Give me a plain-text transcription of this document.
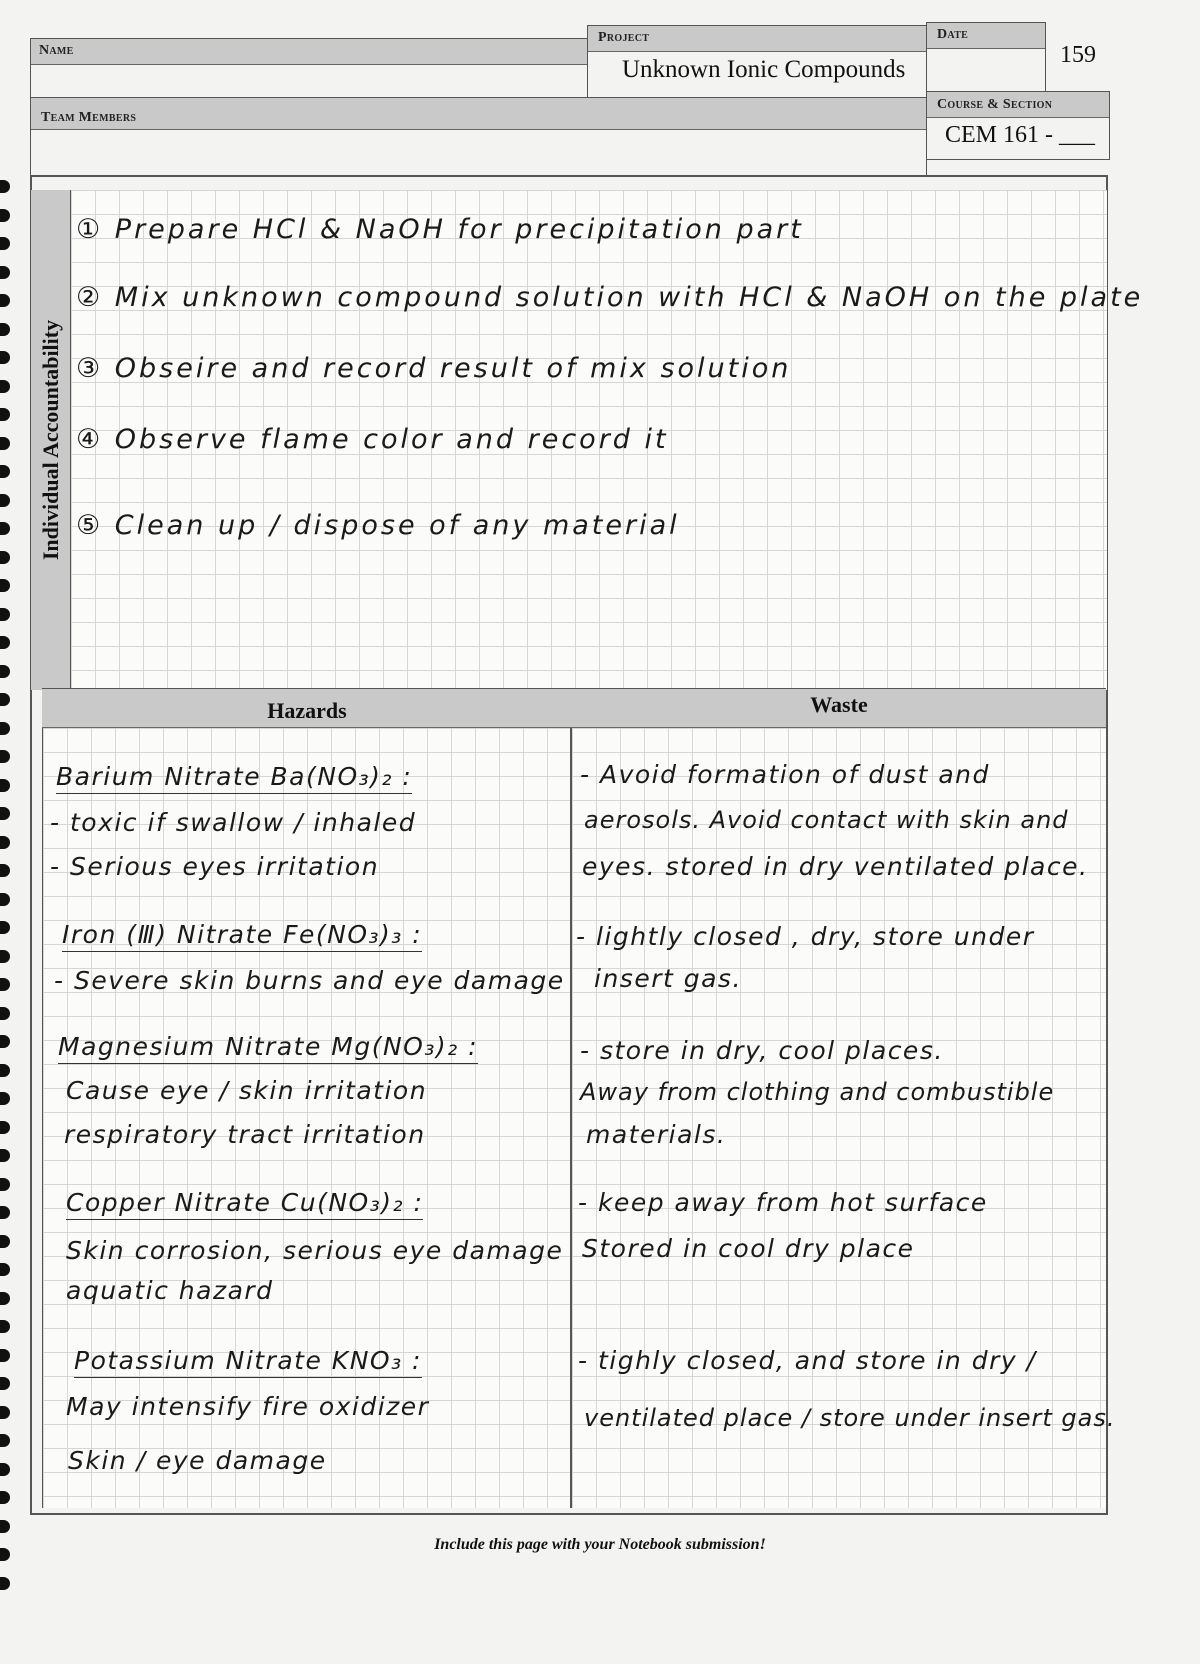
Name
Project
Unknown Ionic Compounds
Date
159
Team Members
Course & Section
CEM 161 - ___
Individual Accountability
① Prepare HCl & NaOH for precipitation part
② Mix unknown compound solution with HCl & NaOH on the plate
③ Obseire and record result of mix solution
④ Observe flame color and record it
⑤ Clean up / dispose of any material
Hazards	Waste
Barium Nitrate Ba(NO₃)₂ :
- toxic if swallow / inhaled
- Serious eyes irritation
Iron (Ⅲ) Nitrate Fe(NO₃)₃ :
- Severe skin burns and eye damage
Magnesium Nitrate Mg(NO₃)₂ :
Cause eye / skin irritation
respiratory tract irritation
Copper Nitrate Cu(NO₃)₂ :
Skin corrosion, serious eye damage
aquatic hazard
Potassium Nitrate KNO₃ :
May intensify fire oxidizer
Skin / eye damage
- Avoid formation of dust and
aerosols. Avoid contact with skin and
eyes. stored in dry ventilated place.
- lightly closed , dry, store under
insert gas.
- store in dry, cool places.
Away from clothing and combustible
materials.
- keep away from hot surface
Stored in cool dry place
- tighly closed, and store in dry /
ventilated place / store under insert gas.
Include this page with your Notebook submission!
